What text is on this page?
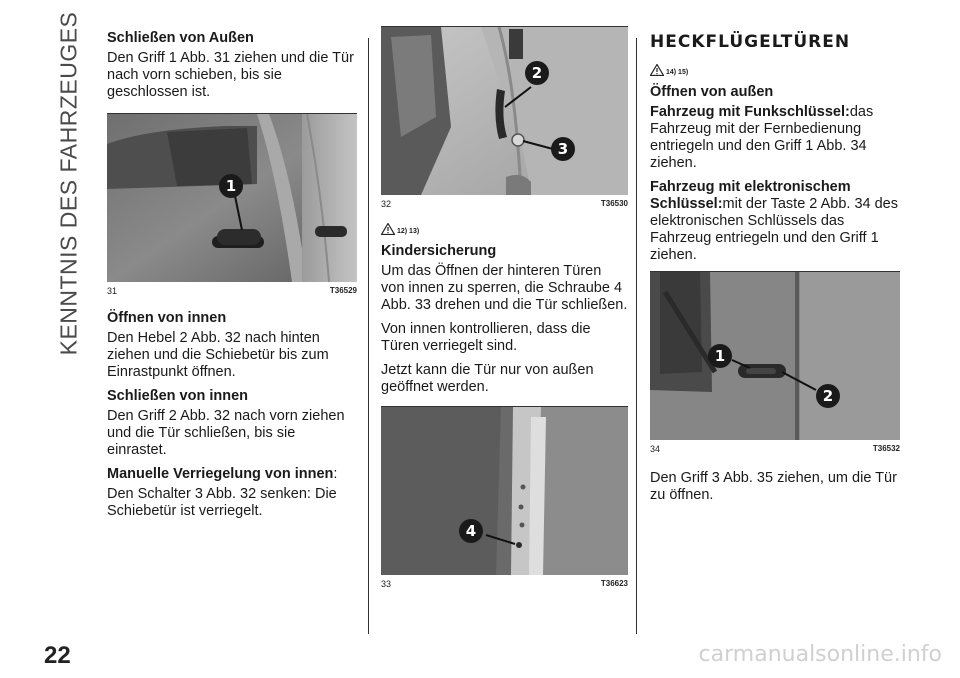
KENNTNIS DES FAHRZEUGES Schließen von Außen

Den Griff 1 Abb. 31 ziehen und die Tür nach vorn schieben, bis sie geschlossen ist.

1
31	T36529
Öffnen von innen

Den Hebel 2 Abb. 32 nach hinten ziehen und die Schiebetür bis zum Einrastpunkt öffnen.

Schließen von innen

Den Griff 2 Abb. 32 nach vorn ziehen und die Tür schließen, bis sie einrastet.

Manuelle Verriegelung von innen:

Den Schalter 3 Abb. 32 senken: Die Schiebetür ist verriegelt.

2
3
32	T36530
12) 13)
Kindersicherung

Um das Öffnen der hinteren Türen von innen zu sperren, die Schraube 4 Abb. 33 drehen und die Tür schließen.

Von innen kontrollieren, dass die Türen verriegelt sind.

Jetzt kann die Tür nur von außen geöffnet werden.

4
33	T36623
HECKFLÜGELTÜREN
14) 15)
Öffnen von außen

Fahrzeug mit Funkschlüssel:das Fahrzeug mit der Fernbedienung entriegeln und den Griff 1 Abb. 34 ziehen.

Fahrzeug mit elektronischem Schlüssel:mit der Taste 2 Abb. 34 des elektronischen Schlüssels das Fahrzeug entriegeln und den Griff 1 ziehen.

1
2
34	T36532

Den Griff 3 Abb. 35 ziehen, um die Tür zu öffnen.

22	carmanualsonline.info
